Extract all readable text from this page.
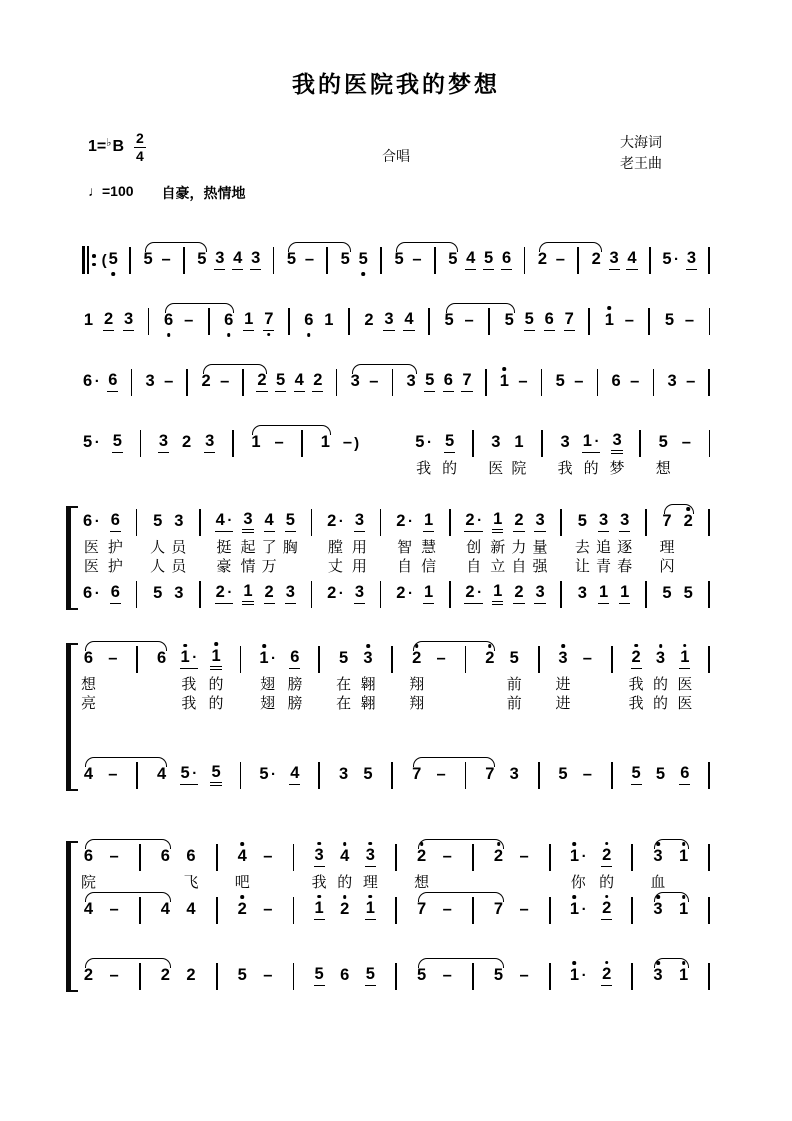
我的医院我的梦想
$1=^♭B \frac{2}{4}$	合唱
大海词
老王曲
♩=100 自豪，热情地
( 5 5 – 5 3 4 3 5 – 5 5 5 – 5 4 5 6 2 – 2 3 4 5 · 3
1 2 3 6 – 6 1 7 6 1 2 3 4 5 – 5 5 6 7 1 – 5 –
6 · 6 3 – 2 – 2 5 4 2 3 – 3 5 6 7 1 – 5 – 6 – 3 –
5 · 5 3 2 3 1 – 1 – )	5 · 5 3 1 3 1 · 3 5 –
我 的 医 院 我 的 梦 想
6 · 6 5 3 4 · 3 4 5 2 · 3 2 · 1 2 · 1 2 3 5 3 3 7 2
医 护 人 员 挺 起 了 胸 膛 用 智 慧 创 新 力 量 去 追 逐 理
医 护 人 员 豪 情 万	丈 用 自 信 自 立 自 强 让 青 春 闪
6 · 6 5 3 2 · 1 2 3 2 · 3 2 · 1 2 · 1 2 3 3 1 1 5 5
6 – 6 1 · 1 1 · 6 5 3 2 – 2 5 3 – 2 3 1
想	我 的 翅 膀 在 翱 翔	前 进	我 的 医
亮	我 的 翅 膀 在 翱 翔	前 进	我 的 医
4 – 4 5 · 5 5 · 4 3 5 7 – 7 3 5 – 5 5 6
6 –	6 6	4 –	3 4 3	2 –	2 – 1 · 2	3 1
院	飞 吧	我 的 理 想	你 的 血
4 –	4 4	2 –	1 2 1	7 –	7 – 1 · 2	3 1
2 –	2 2	5 –	5 6 5	5 –	5 – 1 · 2	3 1
